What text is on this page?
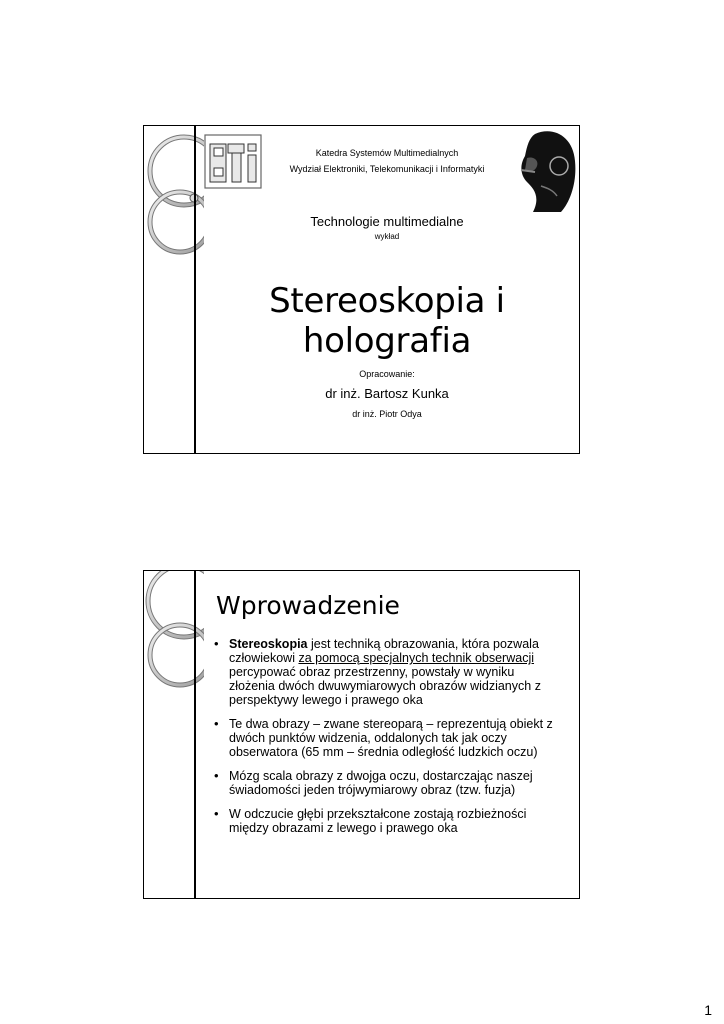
Katedra Systemów Multimedialnych
Wydział Elektroniki, Telekomunikacji i Informatyki
Technologie multimedialne
wykład
Stereoskopia i holografia
Opracowanie:
dr inż. Bartosz Kunka
dr inż. Piotr Odya
Wprowadzenie
• Stereoskopia jest techniką obrazowania, która pozwala człowiekowi za pomocą specjalnych technik obserwacji percypować obraz przestrzenny, powstały w wyniku złożenia dwóch dwuwymiarowych obrazów widzianych z perspektywy lewego i prawego oka
• Te dwa obrazy – zwane stereoparą – reprezentują obiekt z dwóch punktów widzenia, oddalonych tak jak oczy obserwatora (65 mm – średnia odległość ludzkich oczu)
• Mózg scala obrazy z dwojga oczu, dostarczając naszej świadomości jeden trójwymiarowy obraz (tzw. fuzja)
• W odczucie głębi przekształcone zostają rozbieżności między obrazami z lewego i prawego oka
1
